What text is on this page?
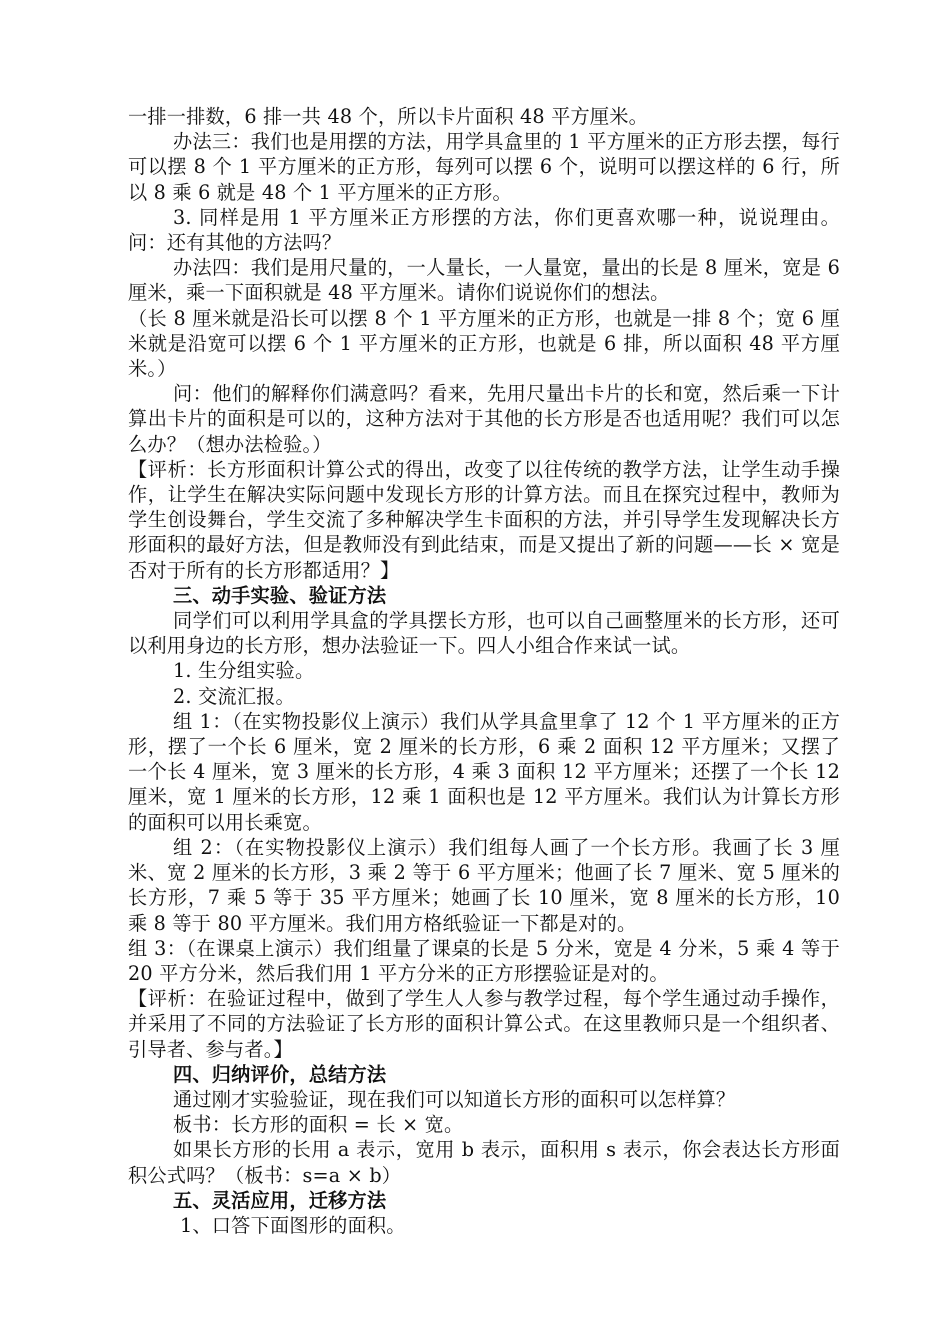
一排一排数，6 排一共 48 个，所以卡片面积 48 平方厘米。

办法三：我们也是用摆的方法，用学具盒里的 1 平方厘米的正方形去摆，每行可以摆 8 个 1 平方厘米的正方形，每列可以摆 6 个，说明可以摆这样的 6 行，所以 8 乘 6 就是 48 个 1 平方厘米的正方形。

3. 同样是用 1 平方厘米正方形摆的方法，你们更喜欢哪一种，说说理由。问：还有其他的方法吗？

办法四：我们是用尺量的，一人量长，一人量宽，量出的长是 8 厘米，宽是 6 厘米，乘一下面积就是 48 平方厘米。请你们说说你们的想法。

（长 8 厘米就是沿长可以摆 8 个 1 平方厘米的正方形，也就是一排 8 个；宽 6 厘米就是沿宽可以摆 6 个 1 平方厘米的正方形，也就是 6 排，所以面积 48 平方厘米。）

问：他们的解释你们满意吗？看来，先用尺量出卡片的长和宽，然后乘一下计算出卡片的面积是可以的，这种方法对于其他的长方形是否也适用呢？我们可以怎么办？（想办法检验。）

【评析：长方形面积计算公式的得出，改变了以往传统的教学方法，让学生动手操作，让学生在解决实际问题中发现长方形的计算方法。而且在探究过程中，教师为学生创设舞台，学生交流了多种解决学生卡面积的方法，并引导学生发现解决长方形面积的最好方法，但是教师没有到此结束，而是又提出了新的问题——长 × 宽是否对于所有的长方形都适用？】

三、动手实验、验证方法

同学们可以利用学具盒的学具摆长方形，也可以自己画整厘米的长方形，还可以利用身边的长方形，想办法验证一下。四人小组合作来试一试。

1. 生分组实验。

2. 交流汇报。

组 1：（在实物投影仪上演示）我们从学具盒里拿了 12 个 1 平方厘米的正方形，摆了一个长 6 厘米，宽 2 厘米的长方形，6 乘 2 面积 12 平方厘米；又摆了一个长 4 厘米，宽 3 厘米的长方形，4 乘 3 面积 12 平方厘米；还摆了一个长 12 厘米，宽 1 厘米的长方形，12 乘 1 面积也是 12 平方厘米。我们认为计算长方形的面积可以用长乘宽。

组 2：（在实物投影仪上演示）我们组每人画了一个长方形。我画了长 3 厘米、宽 2 厘米的长方形，3 乘 2 等于 6 平方厘米；他画了长 7 厘米、宽 5 厘米的长方形，7 乘 5 等于 35 平方厘米；她画了长 10 厘米，宽 8 厘米的长方形，10 乘 8 等于 80 平方厘米。我们用方格纸验证一下都是对的。

组 3：（在课桌上演示）我们组量了课桌的长是 5 分米，宽是 4 分米，5 乘 4 等于 20 平方分米，然后我们用 1 平方分米的正方形摆验证是对的。

【评析：在验证过程中，做到了学生人人参与教学过程，每个学生通过动手操作，并采用了不同的方法验证了长方形的面积计算公式。在这里教师只是一个组织者、引导者、参与者。】

四、归纳评价，总结方法

通过刚才实验验证，现在我们可以知道长方形的面积可以怎样算？

板书：长方形的面积 = 长 × 宽。

如果长方形的长用 a 表示，宽用 b 表示，面积用 s 表示，你会表达长方形面积公式吗？（板书：s=a × b）

五、灵活应用，迁移方法

1、口答下面图形的面积。
